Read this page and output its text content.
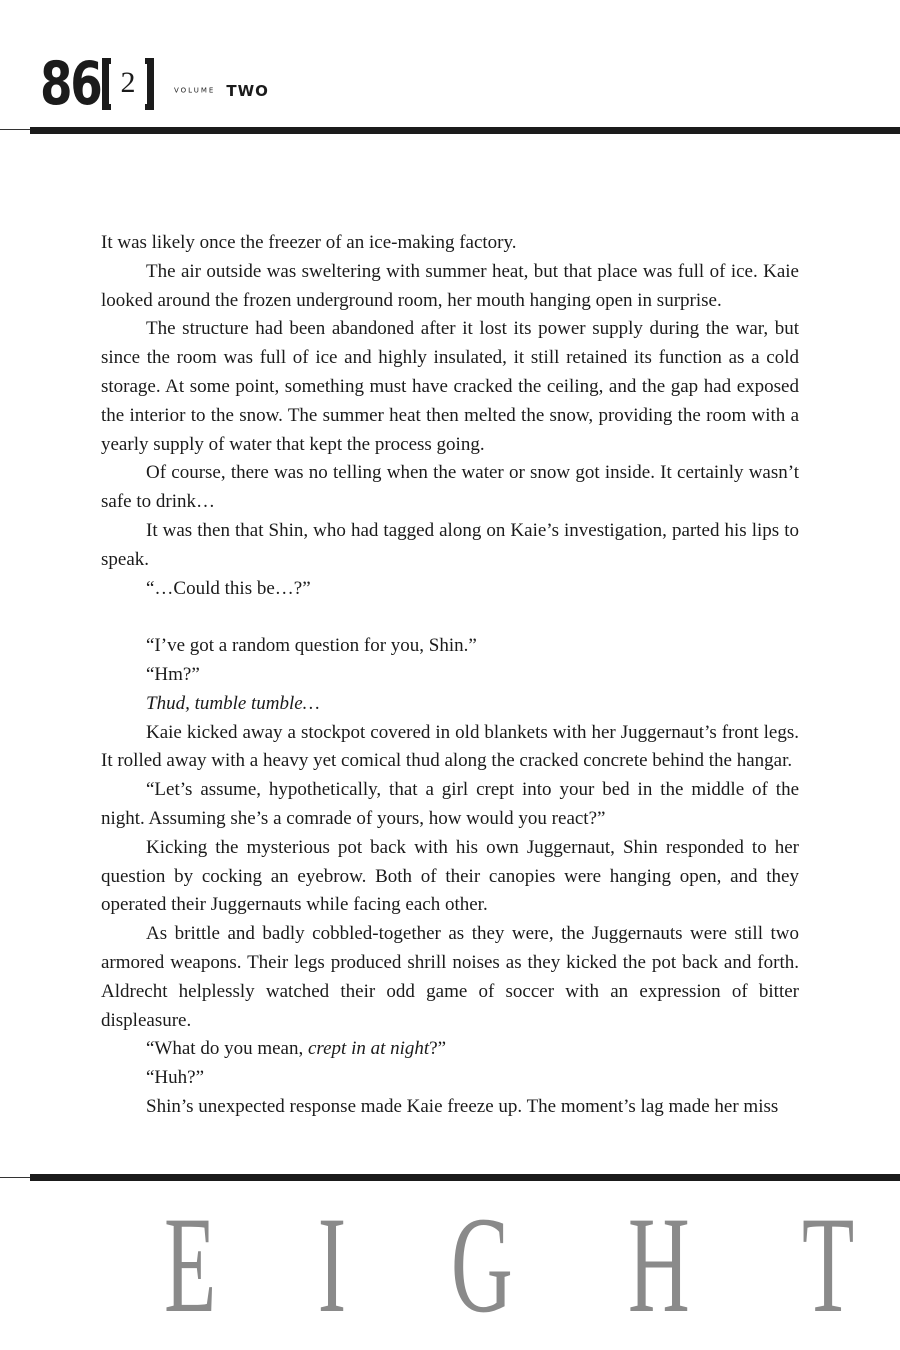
86 2	VOLUME TWO

It was likely once the freezer of an ice-making factory.

The air outside was sweltering with summer heat, but that place was full of ice. Kaie looked around the frozen underground room, her mouth hanging open in surprise.

The structure had been abandoned after it lost its power supply during the war, but since the room was full of ice and highly insulated, it still retained its function as a cold storage. At some point, something must have cracked the ceiling, and the gap had exposed the interior to the snow. The summer heat then melted the snow, providing the room with a yearly supply of water that kept the process going.

Of course, there was no telling when the water or snow got inside. It certainly wasn’t safe to drink…

It was then that Shin, who had tagged along on Kaie’s investigation, parted his lips to speak.

“…Could this be…?”

“I’ve got a random question for you, Shin.”

“Hm?”

Thud, tumble tumble…

Kaie kicked away a stockpot covered in old blankets with her Juggernaut’s front legs. It rolled away with a heavy yet comical thud along the cracked concrete behind the hangar.

“Let’s assume, hypothetically, that a girl crept into your bed in the middle of the night. Assuming she’s a comrade of yours, how would you react?”

Kicking the mysterious pot back with his own Juggernaut, Shin responded to her question by cocking an eyebrow. Both of their canopies were hanging open, and they operated their Juggernauts while facing each other.

As brittle and badly cobbled-together as they were, the Juggernauts were still two armored weapons. Their legs produced shrill noises as they kicked the pot back and forth. Aldrecht helplessly watched their odd game of soccer with an expression of bitter displeasure.

“What do you mean, crept in at night?”

“Huh?”

Shin’s unexpected response made Kaie freeze up. The moment’s lag made her miss

E I G H T
